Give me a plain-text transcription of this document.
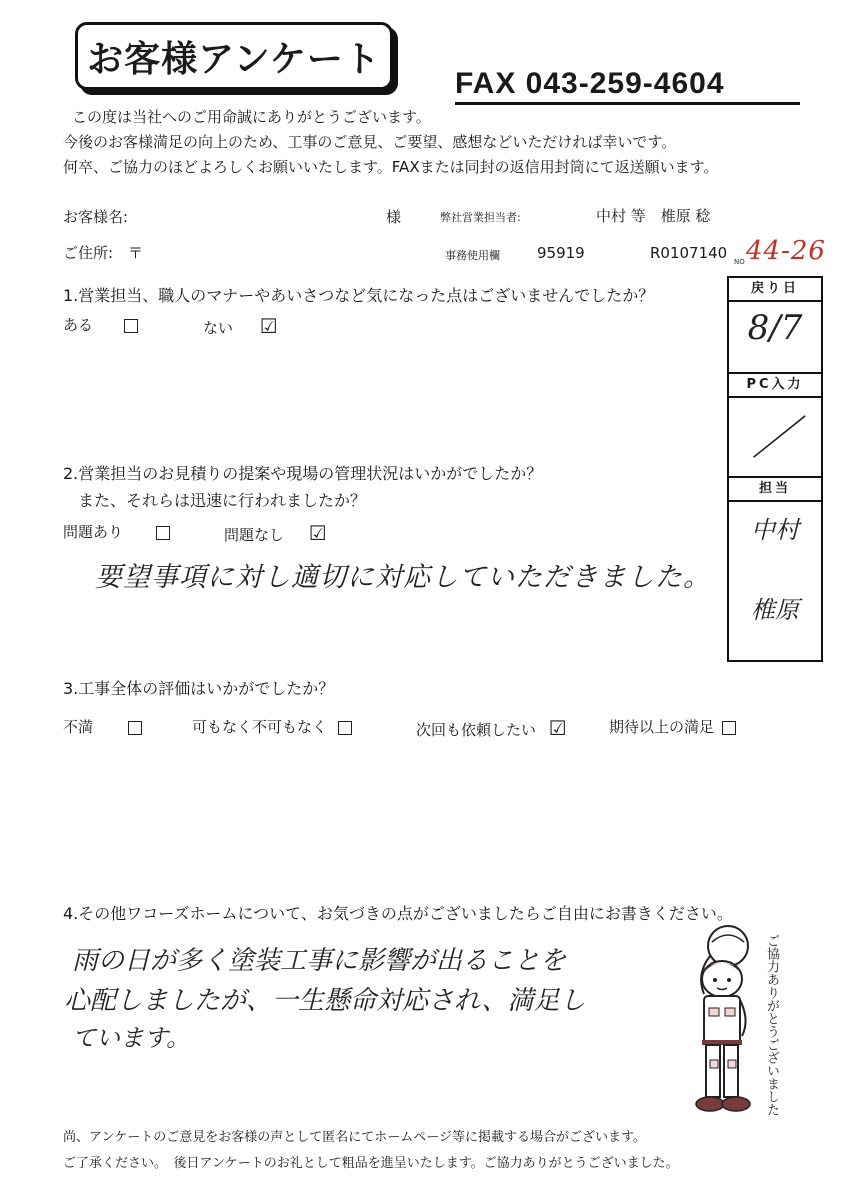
お客様アンケート
FAX 043-259-4604
この度は当社へのご用命誠にありがとうございます。
今後のお客様満足の向上のため、工事のご意見、ご要望、感想などいただければ幸いです。
何卒、ご協力のほどよろしくお願いいたします。FAXまたは同封の返信用封筒にて返送願います。
お客様名:	様	弊社営業担当者:	中村 等　椎原 稔
ご住所: 〒	事務使用欄 95919	R0107140 44-26
NO
戻り日
8/7
PC入力
／
担当
中村
椎原
1.営業担当、職人のマナーやあいさつなど気になった点はございませんでしたか？
ある	ない ☑
2.営業担当のお見積りの提案や現場の管理状況はいかがでしたか？
また、それらは迅速に行われましたか？
問題あり	問題なし ☑
要望事項に対し適切に対応していただきました。
3.工事全体の評価はいかがでしたか？
不満	可もなく不可もなく	次回も依頼したい ☑	期待以上の満足
4.その他ワコーズホームについて、お気づきの点がございましたらご自由にお書きください。
雨の日が多く塗装工事に影響が出ることを
心配しましたが、一生懸命対応され、満足し
ています。	ご協力ありがとうございました
尚、アンケートのご意見をお客様の声として匿名にてホームページ等に掲載する場合がございます。
ご了承ください。　後日アンケートのお礼として粗品を進呈いたします。ご協力ありがとうございました。
